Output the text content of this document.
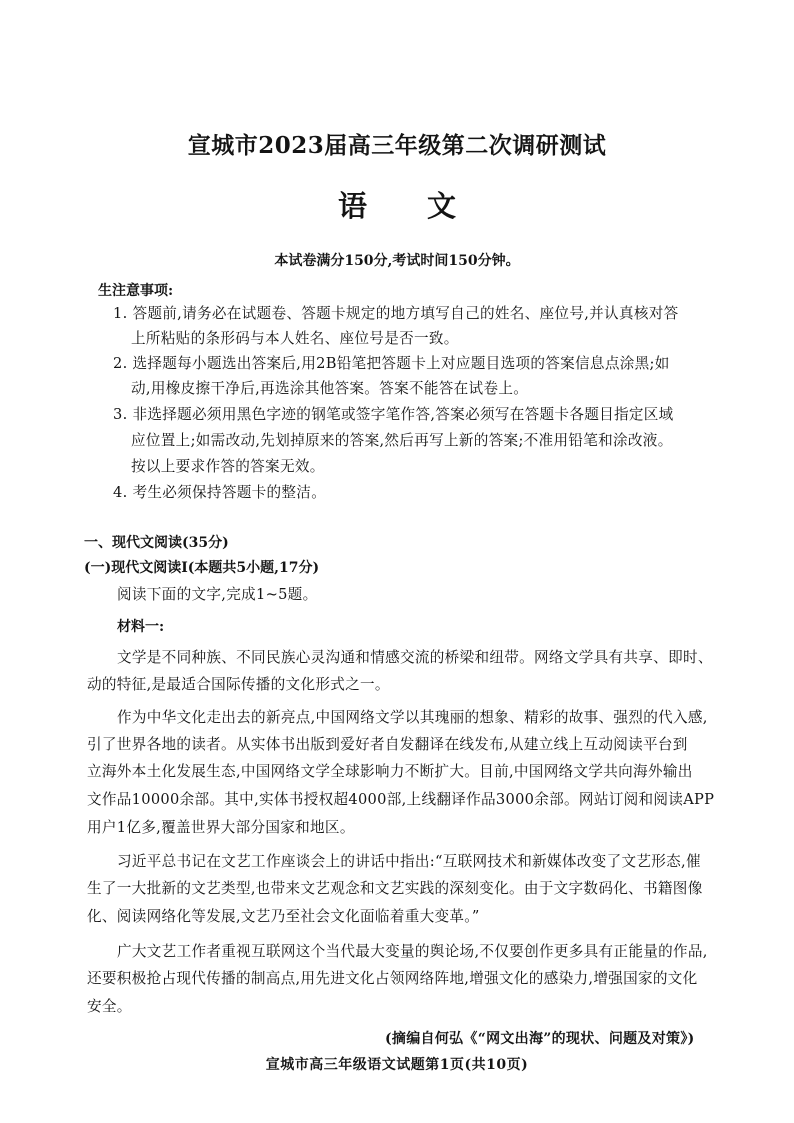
宣城市2023届高三年级第二次调研测试
语 文
本试卷满分150分,考试时间150分钟。
生注意事项:
1. 答题前,请务必在试题卷、答题卡规定的地方填写自己的姓名、座位号,并认真核对答
上所粘贴的条形码与本人姓名、座位号是否一致。
2. 选择题每小题选出答案后,用2B铅笔把答题卡上对应题目选项的答案信息点涂黑;如
动,用橡皮擦干净后,再选涂其他答案。答案不能答在试卷上。
3. 非选择题必须用黑色字迹的钢笔或签字笔作答,答案必须写在答题卡各题目指定区域
应位置上;如需改动,先划掉原来的答案,然后再写上新的答案;不准用铅笔和涂改液。
按以上要求作答的答案无效。
4. 考生必须保持答题卡的整洁。
一、现代文阅读(35分)
(一)现代文阅读Ⅰ(本题共5小题,17分)
阅读下面的文字,完成1~5题。
材料一:
文学是不同种族、不同民族心灵沟通和情感交流的桥梁和纽带。网络文学具有共享、即时、
动的特征,是最适合国际传播的文化形式之一。
作为中华文化走出去的新亮点,中国网络文学以其瑰丽的想象、精彩的故事、强烈的代入感,
引了世界各地的读者。从实体书出版到爱好者自发翻译在线发布,从建立线上互动阅读平台到
立海外本土化发展生态,中国网络文学全球影响力不断扩大。目前,中国网络文学共向海外输出
文作品10000余部。其中,实体书授权超4000部,上线翻译作品3000余部。网站订阅和阅读APP
用户1亿多,覆盖世界大部分国家和地区。
习近平总书记在文艺工作座谈会上的讲话中指出:“互联网技术和新媒体改变了文艺形态,催
生了一大批新的文艺类型,也带来文艺观念和文艺实践的深刻变化。由于文字数码化、书籍图像
化、阅读网络化等发展,文艺乃至社会文化面临着重大变革。”
广大文艺工作者重视互联网这个当代最大变量的舆论场,不仅要创作更多具有正能量的作品,
还要积极抢占现代传播的制高点,用先进文化占领网络阵地,增强文化的感染力,增强国家的文化
安全。
(摘编自何弘《“网文出海”的现状、问题及对策》)
宣城市高三年级语文试题第1页(共10页)
